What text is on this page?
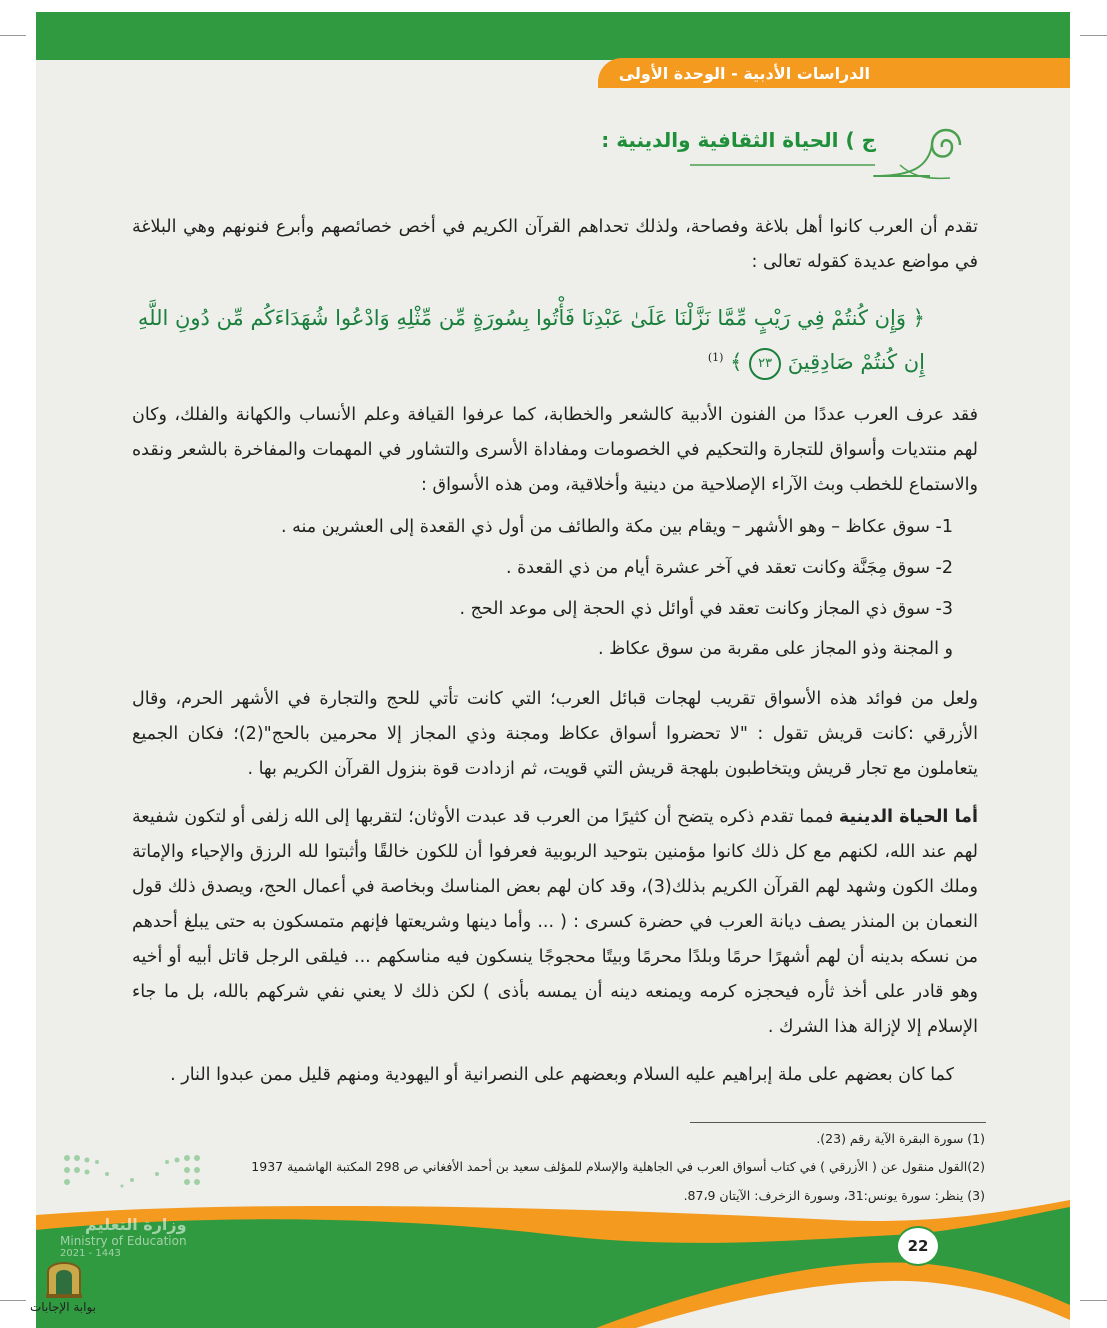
الدراسات الأدبية - الوحدة الأولى
ج ) الحياة الثقافية والدينية :

تقدم أن العرب كانوا أهل بلاغة وفصاحة، ولذلك تحداهم القرآن الكريم في أخص خصائصهم وأبرع فنونهم وهي البلاغة في مواضع عديدة كقوله تعالى :

﴿ وَإِن كُنتُمْ فِي رَيْبٍ مِّمَّا نَزَّلْنَا عَلَىٰ عَبْدِنَا فَأْتُوا بِسُورَةٍ مِّن مِّثْلِهِ وَادْعُوا شُهَدَاءَكُم مِّن دُونِ اللَّهِ
إِن كُنتُمْ صَادِقِينَ ٢٣ ﴾ $^{(1)}$

فقد عرف العرب عددًا من الفنون الأدبية كالشعر والخطابة، كما عرفوا القيافة وعلم الأنساب والكهانة والفلك، وكان لهم منتديات وأسواق للتجارة والتحكيم في الخصومات ومفاداة الأسرى والتشاور في المهمات والمفاخرة بالشعر ونقده والاستماع للخطب وبث الآراء الإصلاحية من دينية وأخلاقية، ومن هذه الأسواق :

1- سوق عكاظ – وهو الأشهر – ويقام بين مكة والطائف من أول ذي القعدة إلى العشرين منه .
2- سوق مِجَنَّة وكانت تعقد في آخر عشرة أيام من ذي القعدة .
3- سوق ذي المجاز وكانت تعقد في أوائل ذي الحجة إلى موعد الحج .
و المجنة وذو المجاز على مقربة من سوق عكاظ .

ولعل من فوائد هذه الأسواق تقريب لهجات قبائل العرب؛ التي كانت تأتي للحج والتجارة في الأشهر الحرم، وقال الأزرقي :كانت قريش تقول : "لا تحضروا أسواق عكاظ ومجنة وذي المجاز إلا محرمين بالحج"(2)؛ فكان الجميع يتعاملون مع تجار قريش ويتخاطبون بلهجة قريش التي قويت، ثم ازدادت قوة بنزول القرآن الكريم بها .

أما الحياة الدينية فمما تقدم ذكره يتضح أن كثيرًا من العرب قد عبدت الأوثان؛ لتقربها إلى الله زلفى أو لتكون شفيعة لهم عند الله، لكنهم مع كل ذلك كانوا مؤمنين بتوحيد الربوبية فعرفوا أن للكون خالقًا وأثبتوا لله الرزق والإحياء والإماتة وملك الكون وشهد لهم القرآن الكريم بذلك(3)، وقد كان لهم بعض المناسك وبخاصة في أعمال الحج، ويصدق ذلك قول النعمان بن المنذر يصف ديانة العرب في حضرة كسرى : ( ... وأما دينها وشريعتها فإنهم متمسكون به حتى يبلغ أحدهم من نسكه بدينه أن لهم أشهرًا حرمًا وبلدًا محرمًا وبيتًا محجوجًا ينسكون فيه مناسكهم ... فيلقى الرجل قاتل أبيه أو أخيه وهو قادر على أخذ ثأره فيحجزه كرمه ويمنعه دينه أن يمسه بأذى ) لكن ذلك لا يعني نفي شركهم بالله، بل ما جاء الإسلام إلا لإزالة هذا الشرك .

كما كان بعضهم على ملة إبراهيم عليه السلام وبعضهم على النصرانية أو اليهودية ومنهم قليل ممن عبدوا النار .

(1) سورة البقرة الآية رقم (23).
(2)القول منقول عن ( الأزرقي ) في كتاب أسواق العرب في الجاهلية والإسلام للمؤلف سعيد بن أحمد الأفغاني ص 298 المكتبة الهاشمية 1937
(3) ينظر: سورة يونس:31، وسورة الزخرف: الآيتان 87،9.
22
وزارة التعليم
Ministry of Education
2021 - 1443
بوابة الإجابات
